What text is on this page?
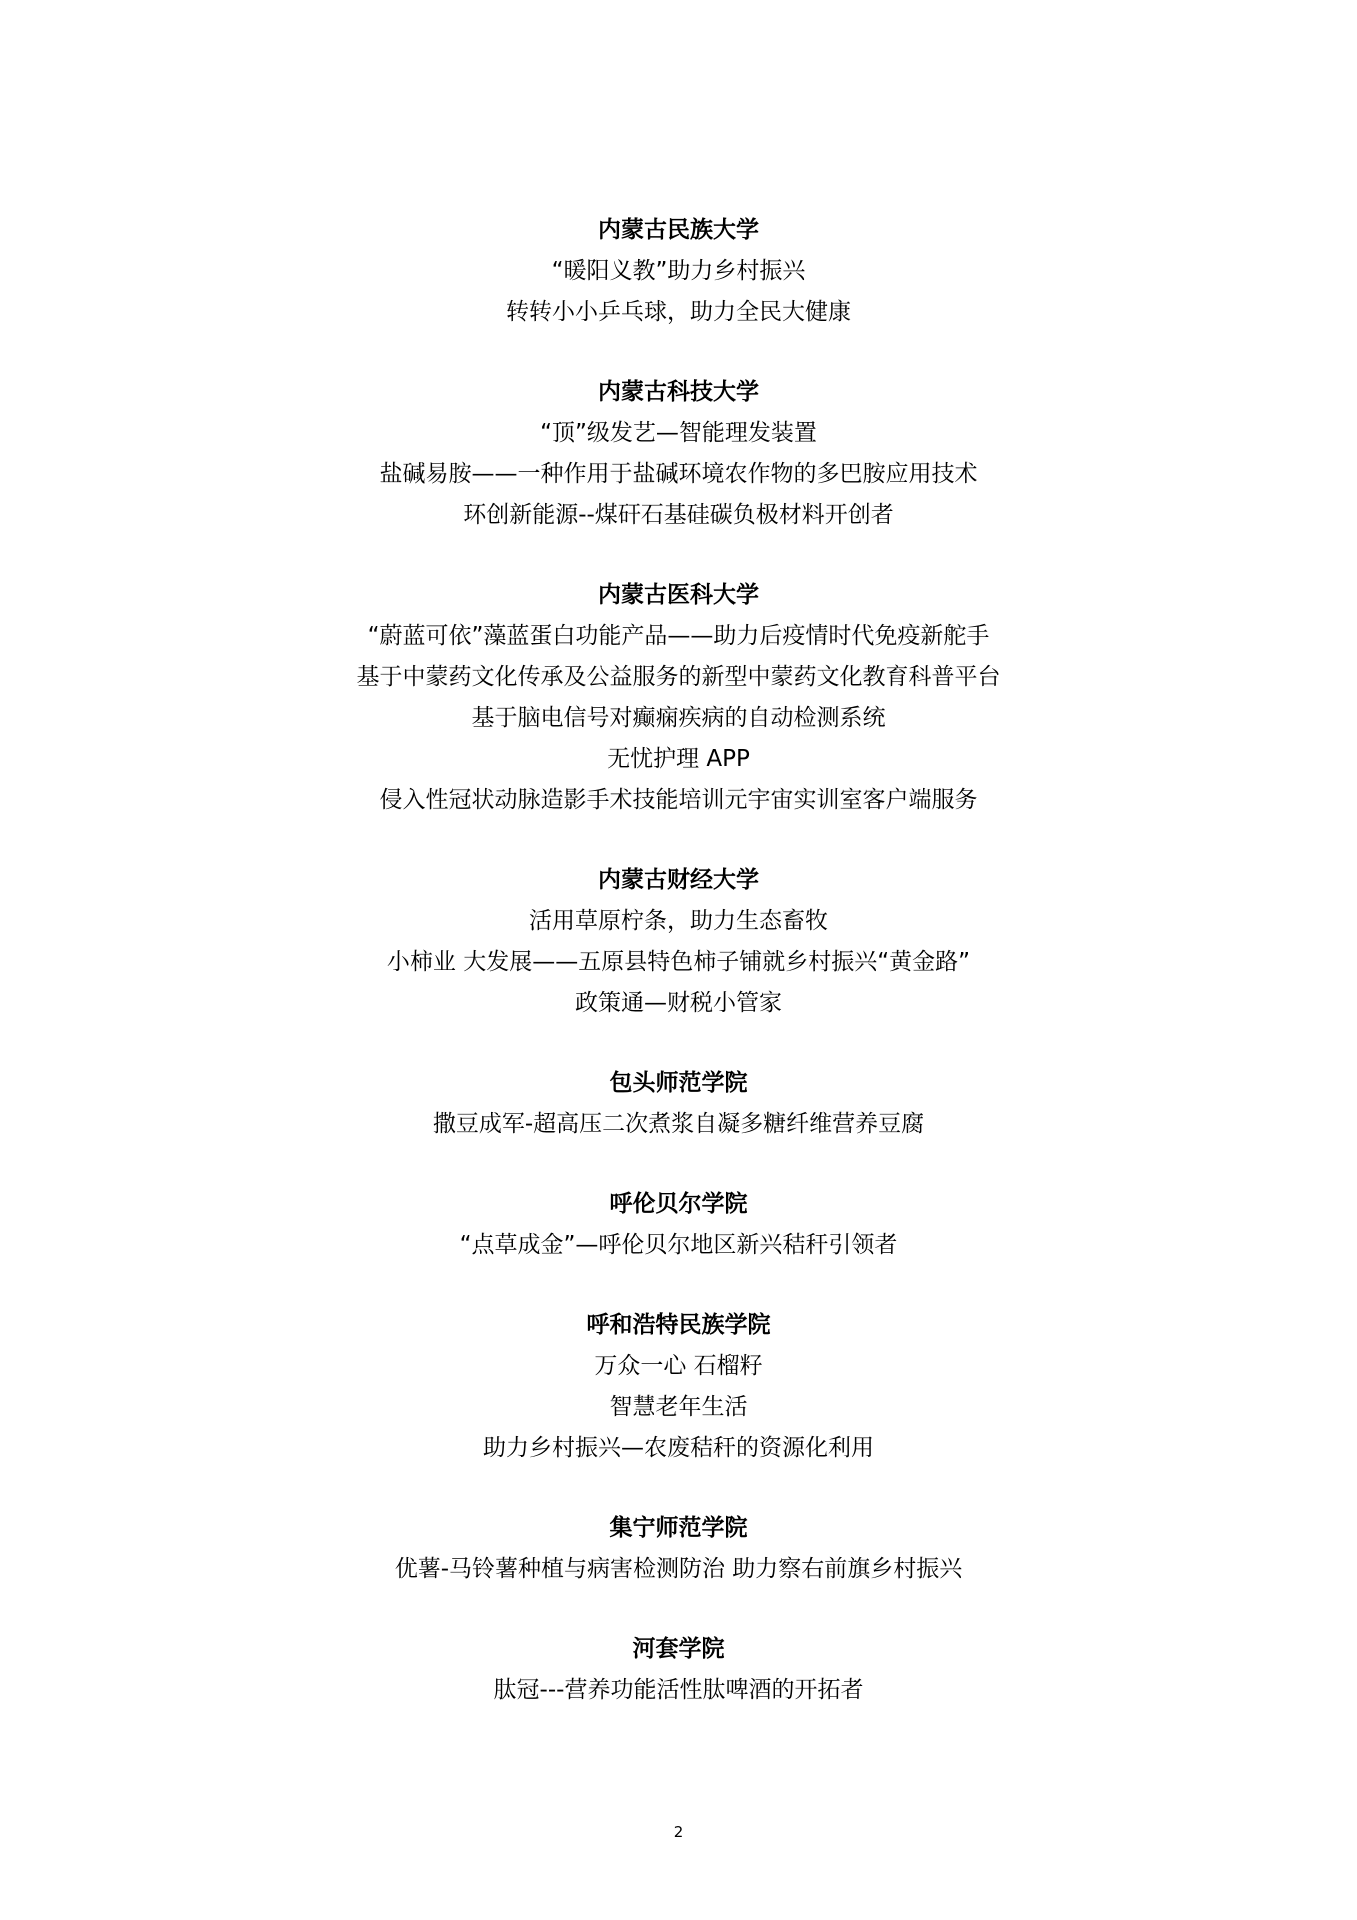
内蒙古民族大学
“暖阳义教”助力乡村振兴
转转小小乒乓球，助力全民大健康
内蒙古科技大学
“顶”级发艺—智能理发装置
盐碱易胺——一种作用于盐碱环境农作物的多巴胺应用技术
环创新能源--煤矸石基硅碳负极材料开创者
内蒙古医科大学
“蔚蓝可依”藻蓝蛋白功能产品——助力后疫情时代免疫新舵手
基于中蒙药文化传承及公益服务的新型中蒙药文化教育科普平台
基于脑电信号对癫痫疾病的自动检测系统
无忧护理 APP
侵入性冠状动脉造影手术技能培训元宇宙实训室客户端服务
内蒙古财经大学
活用草原柠条，助力生态畜牧
小柿业 大发展——五原县特色柿子铺就乡村振兴“黄金路”
政策通—财税小管家
包头师范学院
撒豆成军-超高压二次煮浆自凝多糖纤维营养豆腐
呼伦贝尔学院
“点草成金”—呼伦贝尔地区新兴秸秆引领者
呼和浩特民族学院
万众一心 石榴籽
智慧老年生活
助力乡村振兴—农废秸秆的资源化利用
集宁师范学院
优薯-马铃薯种植与病害检测防治 助力察右前旗乡村振兴
河套学院
肽冠---营养功能活性肽啤酒的开拓者
2
